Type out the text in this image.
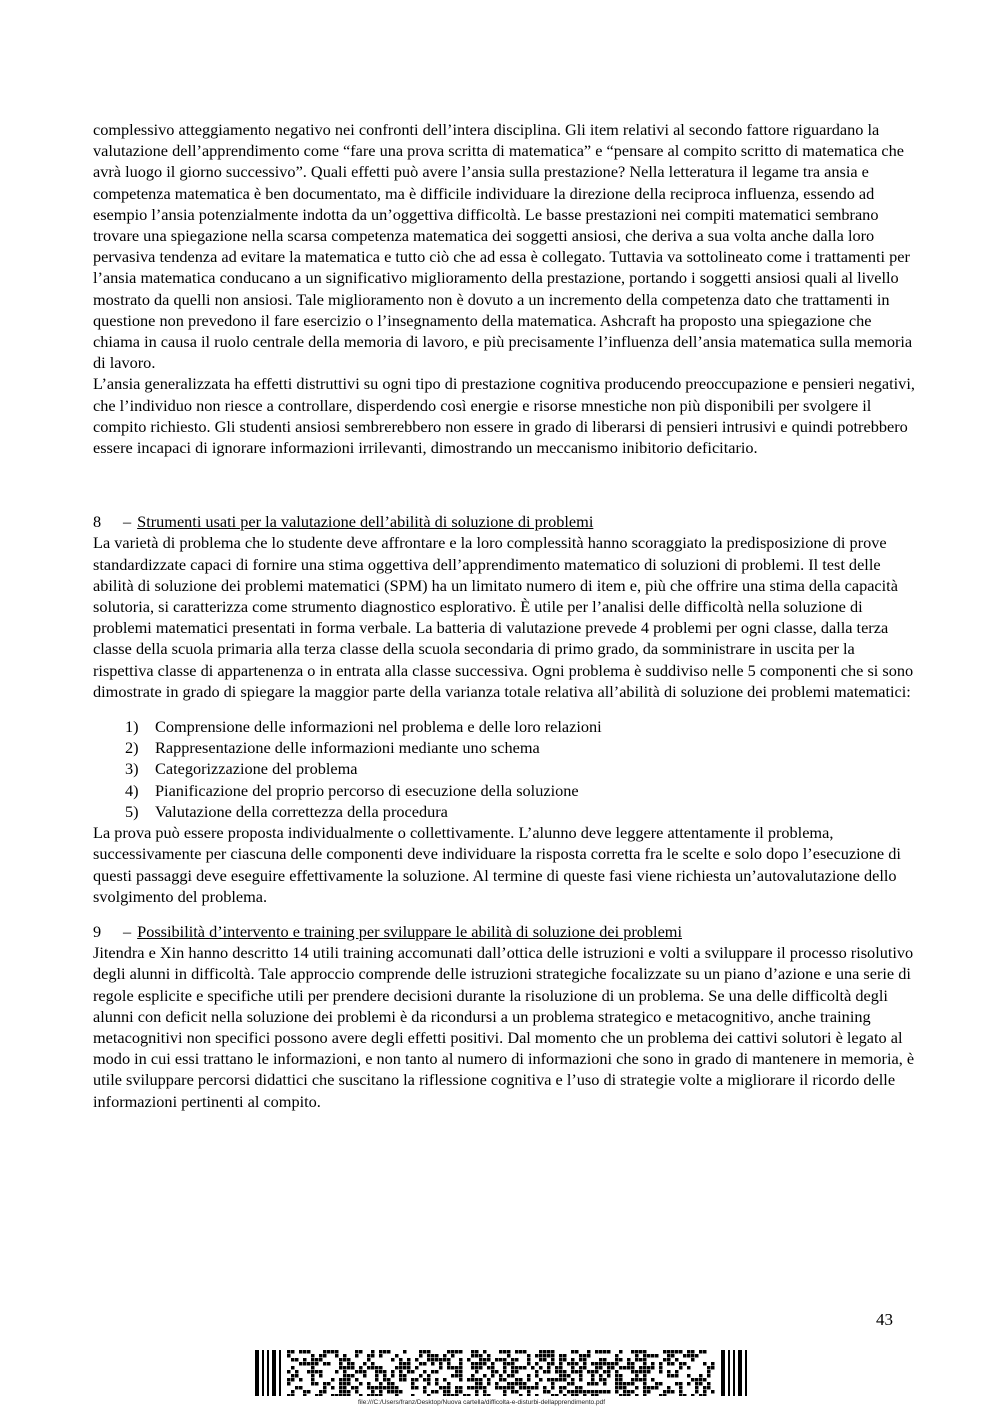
complessivo atteggiamento negativo nei confronti dell’intera disciplina. Gli item relativi al secondo fattore riguardano la valutazione dell’apprendimento come “fare una prova scritta di matematica” e “pensare al compito scritto di matematica che avrà luogo il giorno successivo”. Quali effetti può avere l’ansia sulla prestazione? Nella letteratura il legame tra ansia e competenza matematica è ben documentato, ma è difficile individuare la direzione della reciproca influenza, essendo ad esempio l’ansia potenzialmente indotta da un’oggettiva difficoltà. Le basse prestazioni nei compiti matematici sembrano trovare una spiegazione nella scarsa competenza matematica dei soggetti ansiosi, che deriva a sua volta anche dalla loro pervasiva tendenza ad evitare la matematica e tutto ciò che ad essa è collegato. Tuttavia va sottolineato come i trattamenti per l’ansia matematica conducano a un significativo miglioramento della prestazione, portando i soggetti ansiosi quali al livello mostrato da quelli non ansiosi. Tale miglioramento non è dovuto a un incremento della competenza dato che trattamenti in questione non prevedono il fare esercizio o l’insegnamento della matematica. Ashcraft ha proposto una spiegazione che chiama in causa il ruolo centrale della memoria di lavoro, e più precisamente l’influenza dell’ansia matematica sulla memoria di lavoro.

L’ansia generalizzata ha effetti distruttivi su ogni tipo di prestazione cognitiva producendo preoccupazione e pensieri negativi, che l’individuo non riesce a controllare, disperdendo così energie e risorse mnestiche non più disponibili per svolgere il compito richiesto. Gli studenti ansiosi sembrerebbero non essere in grado di liberarsi di pensieri intrusivi e quindi potrebbero essere incapaci di ignorare informazioni irrilevanti, dimostrando un meccanismo inibitorio deficitario.

8	– Strumenti usati per la valutazione dell’abilità di soluzione di problemi

La varietà di problema che lo studente deve affrontare e la loro complessità hanno scoraggiato la predisposizione di prove standardizzate capaci di fornire una stima oggettiva dell’apprendimento matematico di soluzioni di problemi. Il test delle abilità di soluzione dei problemi matematici (SPM) ha un limitato numero di item e, più che offrire una stima della capacità solutoria, si caratterizza come strumento diagnostico esplorativo. È utile per l’analisi delle difficoltà nella soluzione di problemi matematici presentati in forma verbale. La batteria di valutazione prevede 4 problemi per ogni classe, dalla terza classe della scuola primaria alla terza classe della scuola secondaria di primo grado, da somministrare in uscita per la rispettiva classe di appartenenza o in entrata alla classe successiva. Ogni problema è suddiviso nelle 5 componenti che si sono dimostrate in grado di spiegare la maggior parte della varianza totale relativa all’abilità di soluzione dei problemi matematici:

1)	Comprensione delle informazioni nel problema e delle loro relazioni
2)	Rappresentazione delle informazioni mediante uno schema
3)	Categorizzazione del problema
4)	Pianificazione del proprio percorso di esecuzione della soluzione
5)	Valutazione della correttezza della procedura

La prova può essere proposta individualmente o collettivamente. L’alunno deve leggere attentamente il problema, successivamente per ciascuna delle componenti deve individuare la risposta corretta fra le scelte e solo dopo l’esecuzione di questi passaggi deve eseguire effettivamente la soluzione. Al termine di queste fasi viene richiesta un’autovalutazione dello svolgimento del problema.

9	– Possibilità d’intervento e training per sviluppare le abilità di soluzione dei problemi

Jitendra e Xin hanno descritto 14 utili training accomunati dall’ottica delle istruzioni e volti a sviluppare il processo risolutivo degli alunni in difficoltà. Tale approccio comprende delle istruzioni strategiche focalizzate su un piano d’azione e una serie di regole esplicite e specifiche utili per prendere decisioni durante la risoluzione di un problema. Se una delle difficoltà degli alunni con deficit nella soluzione dei problemi è da ricondursi a un problema strategico e metacognitivo, anche training metacognitivi non specifici possono avere degli effetti positivi. Dal momento che un problema dei cattivi solutori è legato al modo in cui essi trattano le informazioni, e non tanto al numero di informazioni che sono in grado di mantenere in memoria, è utile sviluppare percorsi didattici che suscitano la riflessione cognitiva e l’uso di strategie volte a migliorare il ricordo delle informazioni pertinenti al compito.

43
file:///C:/Users/franz/Desktop/Nuova cartella/difficolta-e-disturbi-dellapprendimento.pdf
